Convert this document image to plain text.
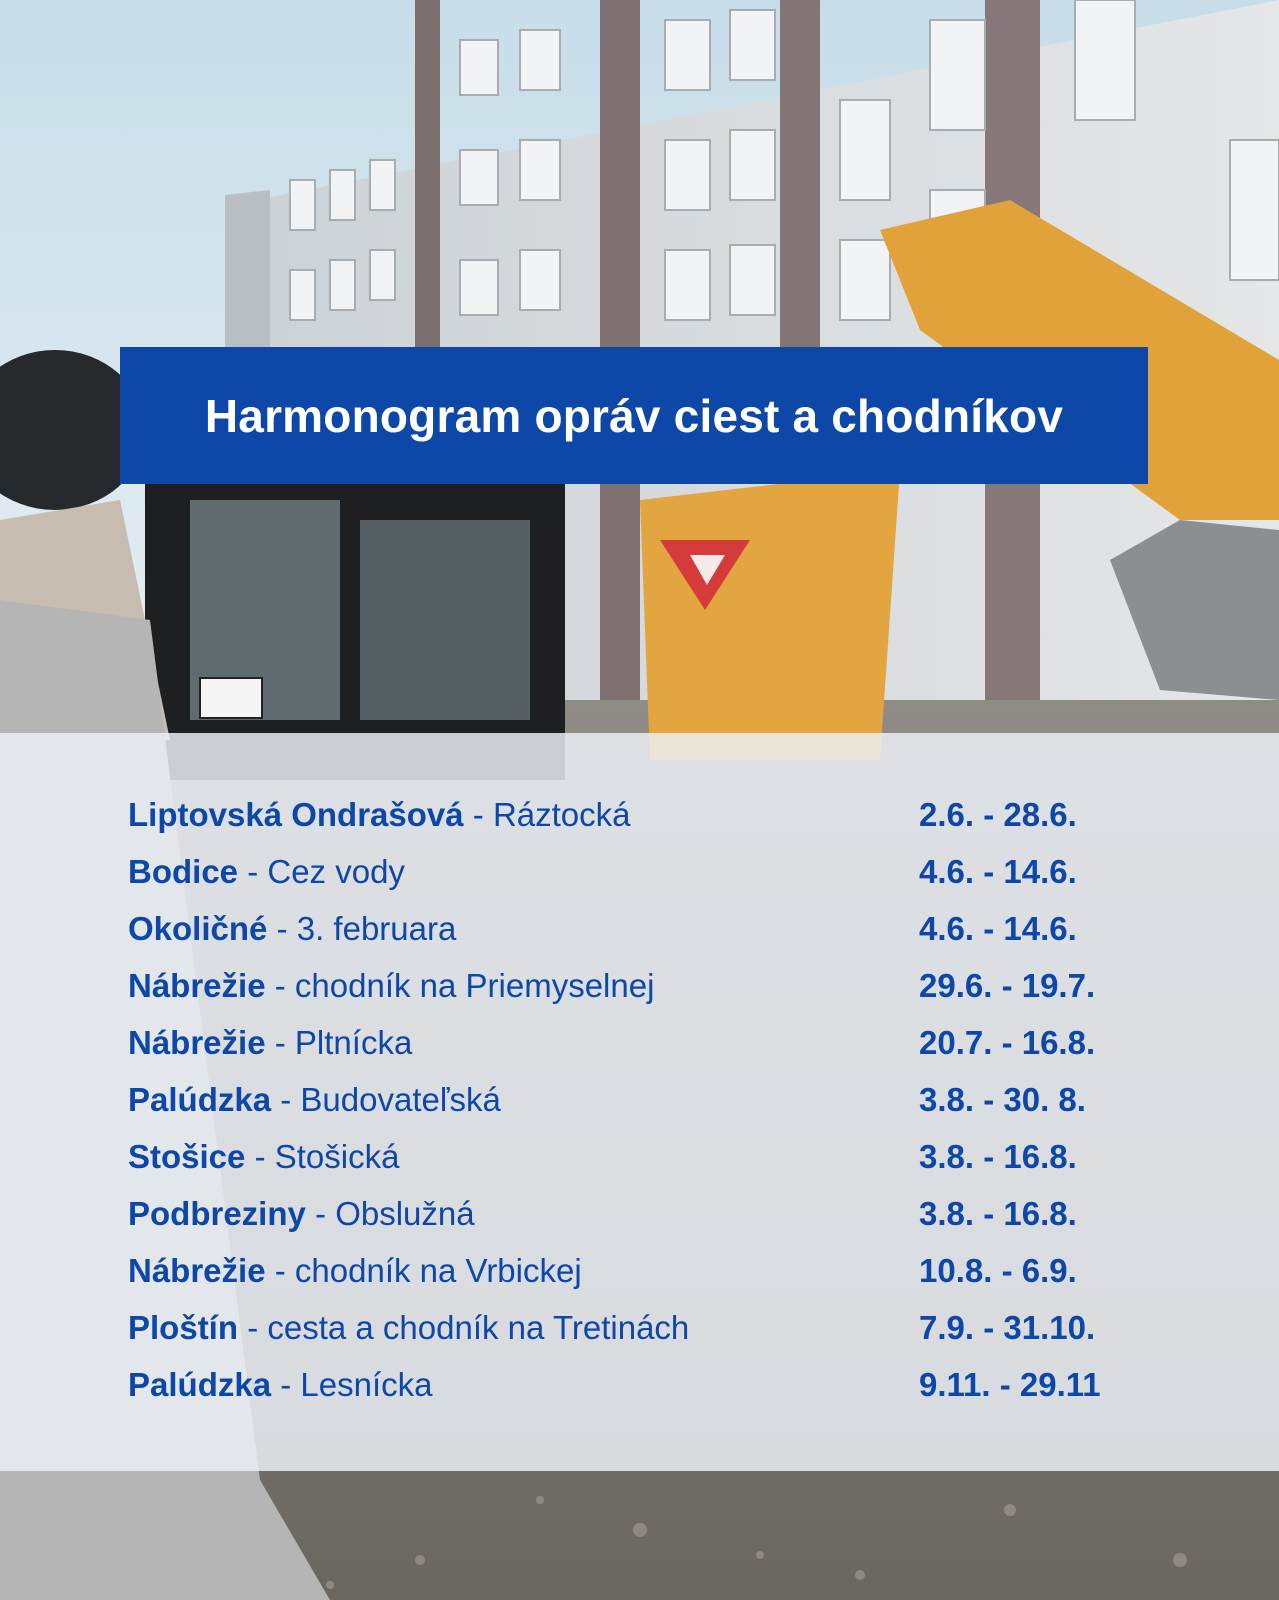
Harmonogram opráv ciest a chodníkov
Liptovská Ondrašová - Ráztocká	2.6. - 28.6.
Bodice - Cez vody	4.6. - 14.6.
Okoličné - 3. februara	4.6. - 14.6.
Nábrežie - chodník na Priemyselnej	29.6. - 19.7.
Nábrežie - Pltnícka	20.7. - 16.8.
Palúdzka - Budovateľská	3.8. - 30. 8.
Stošice - Stošická	3.8. - 16.8.
Podbreziny - Obslužná	3.8. - 16.8.
Nábrežie - chodník na Vrbickej	10.8. - 6.9.
Ploštín - cesta a chodník na Tretinách	7.9. - 31.10.
Palúdzka - Lesnícka	9.11. - 29.11
